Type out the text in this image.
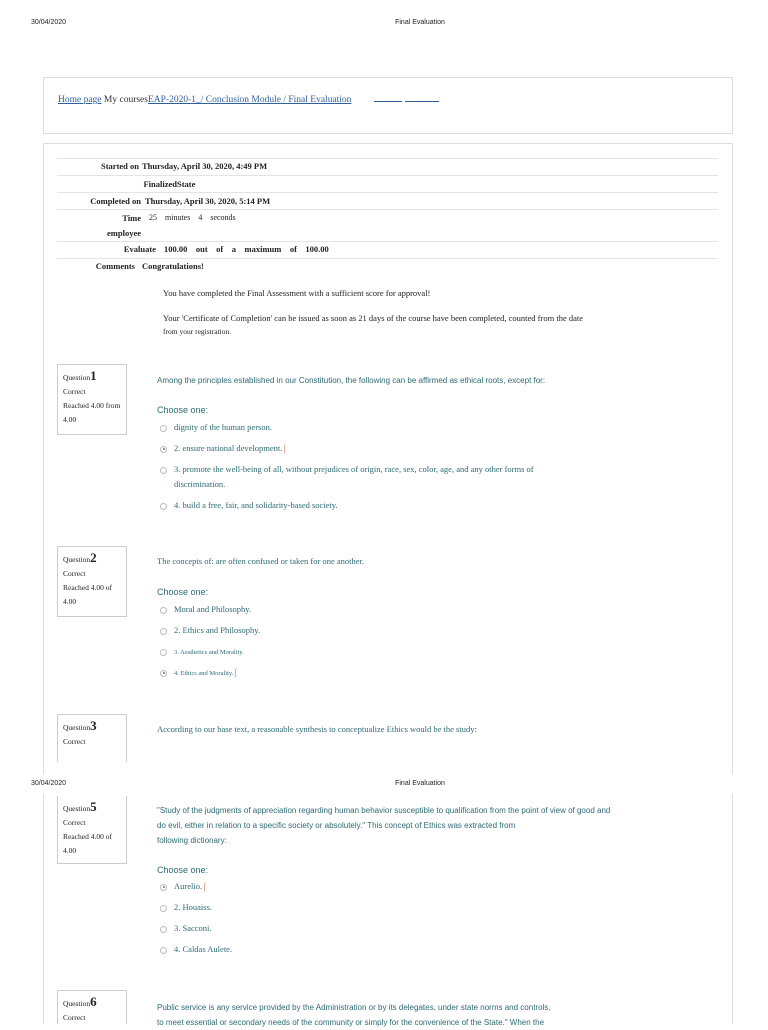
30/04/2020	Final Evaluation
Home page My coursesEAP-2020-1_/ Conclusion Module / Final Evaluation
Started on Thursday, April 30, 2020, 4:49 PM
Finalized State
Completed on Thursday, April 30, 2020, 5:14 PM
Time 25    minutes    4    seconds
employee
Evaluate 100.00    out    of    a    maximum    of    100.00
Comments Congratulations!
You have completed the Final Assessment with a sufficient score for approval!
Your 'Certificate of Completion' can be issued as soon as 21 days of the course have been completed, counted from the date
from your registration.
Question1
Correct
Reached 4.00 from 4.00
Among the principles established in our Constitution, the following can be affirmed as ethical roots, except for:
Choose one:
dignity of the human person.
2. ensure national development.⌠
3. promote the well-being of all, without prejudices of origin, race, sex, color, age, and any other forms of
discrimination.
4. build a free, fair, and solidarity-based society.
Question2
Correct
Reached 4.00 of 4.00
The concepts of: are often confused or taken for one another.
Choose one:
Moral and Philosophy.
2. Ethics and Philosophy.
3. Aesthetics and Morality.
4. Ethics and Morality.⌠
Question3
Correct
According to our base text, a reasonable synthesis to conceptualize Ethics would be the study:
30/04/2020	Final Evaluation
Question5
Correct
Reached 4.00 of 4.00
"Study of the judgments of appreciation regarding human behavior susceptible to qualification from the point of view of good and
do evil, either in relation to a specific society or absolutely." This concept of Ethics was extracted from
following dictionary:
Choose one:
Aurelio.⌠
2. Houaiss.
3. Sacconi.
4. Caldas Aulete.
Question6
Correct
Public service is any service provided by the Administration or by its delegates, under state norms and controls,
to meet essential or secondary needs of the community or simply for the convenience of the State." When the
